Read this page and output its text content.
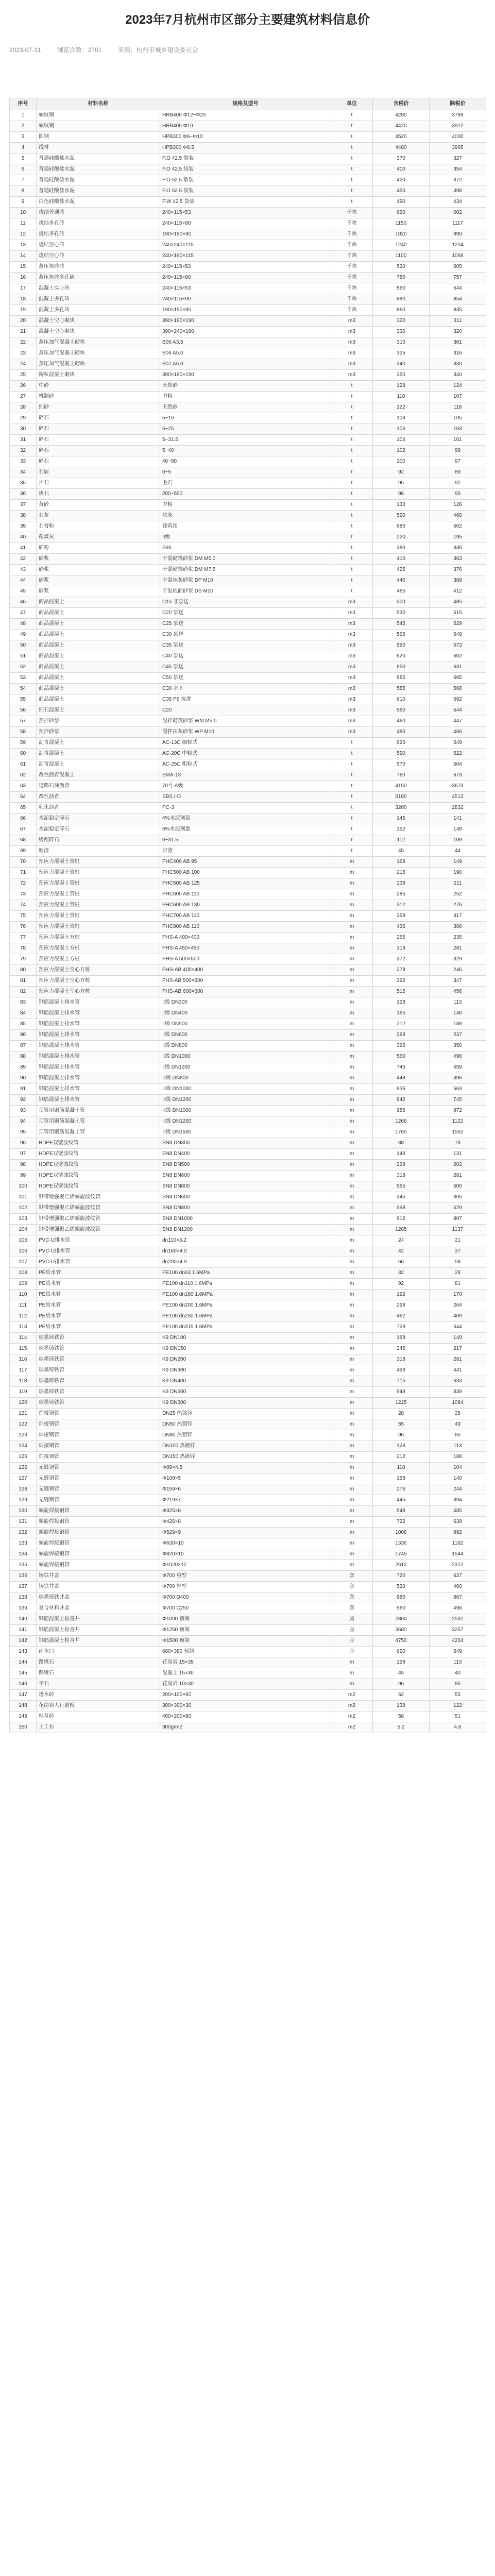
2023年7月杭州市区部分主要建筑材料信息价
2023-07-31	浏览次数：2701	来源：杭州市城乡建设委员会
序号	材料名称	规格及型号	单位	含税价	除税价
1	螺纹钢	HRB400 Φ12~Φ25	t	4280	3788
2	螺纹钢	HRB400 Φ10	t	4420	3912
3	圆钢	HPB300 Φ6~Φ10	t	4520	4000
4	线材	HPB300 Φ6.5	t	4480	3965
5	普通硅酸盐水泥	P.O 42.5 散装	t	370	327
6	普通硅酸盐水泥	P.O 42.5 袋装	t	400	354
7	普通硅酸盐水泥	P.O 52.5 散装	t	420	372
8	普通硅酸盐水泥	P.O 52.5 袋装	t	450	398
9	白色硅酸盐水泥	P.W 42.5 袋装	t	490	434
10	烧结普通砖	240×115×53	千块	620	602
11	烧结多孔砖	240×115×90	千块	1150	1117
12	烧结多孔砖	190×190×90	千块	1020	990
13	烧结空心砖	240×240×115	千块	1240	1204
14	烧结空心砖	240×190×115	千块	1100	1068
15	蒸压灰砂砖	240×115×53	千块	520	505
16	蒸压灰砂多孔砖	240×115×90	千块	780	757
17	混凝土实心砖	240×115×53	千块	560	544
18	混凝土多孔砖	240×115×90	千块	880	854
19	混凝土多孔砖	190×190×90	千块	860	835
20	混凝土空心砌块	390×190×190	m3	320	311
21	混凝土空心砌块	390×240×190	m3	330	320
22	蒸压加气混凝土砌块	B06 A3.5	m3	310	301
23	蒸压加气混凝土砌块	B06 A5.0	m3	325	316
24	蒸压加气混凝土砌块	B07 A5.0	m3	340	330
25	陶粒混凝土砌块	390×190×190	m3	350	340
26	中砂	天然砂	t	128	124
27	机制砂	中粗	t	110	107
28	细砂	天然砂	t	122	118
29	碎石	5~16	t	108	105
30	碎石	5~25	t	106	103
31	碎石	5~31.5	t	104	101
32	碎石	5~40	t	102	99
33	碎石	40~80	t	100	97
34	石屑	0~5	t	92	89
35	片石	毛石	t	95	92
36	块石	200~500	t	98	95
37	黄砂	中粗	t	130	126
38	石灰	块灰	t	520	460
39	石膏粉	建筑用	t	680	602
40	粉煤灰	II级	t	220	195
41	矿粉	S95	t	380	336
42	砂浆	干混砌筑砂浆 DM M5.0	t	410	363
43	砂浆	干混砌筑砂浆 DM M7.5	t	425	376
44	砂浆	干混抹灰砂浆 DP M10	t	440	389
45	砂浆	干混地面砂浆 DS M20	t	465	412
46	商品混凝土	C15 非泵送	m3	500	485
47	商品混凝土	C20 泵送	m3	530	515
48	商品混凝土	C25 泵送	m3	545	529
49	商品混凝土	C30 泵送	m3	565	549
50	商品混凝土	C35 泵送	m3	590	573
51	商品混凝土	C40 泵送	m3	620	602
52	商品混凝土	C45 泵送	m3	650	631
53	商品混凝土	C50 泵送	m3	685	665
54	商品混凝土	C30 水下	m3	585	568
55	商品混凝土	C35 P6 抗渗	m3	610	592
56	细石混凝土	C20	m3	560	544
57	预拌砂浆	湿拌砌筑砂浆 WM M5.0	m3	460	447
58	预拌砂浆	湿拌抹灰砂浆 WP M10	m3	480	466
59	沥青混凝土	AC-13C 细粒式	t	620	549
60	沥青混凝土	AC-20C 中粒式	t	590	522
61	沥青混凝土	AC-25C 粗粒式	t	570	504
62	改性沥青混凝土	SMA-13	t	760	673
63	道路石油沥青	70号 A级	t	4150	3673
64	改性沥青	SBS I-D	t	5100	4513
65	乳化沥青	PC-3	t	3200	2832
66	水泥稳定碎石	4%水泥剂量	t	145	141
67	水泥稳定碎石	5%水泥剂量	t	152	148
68	级配碎石	0~31.5	t	112	109
69	塘渣	宕渣	t	45	44
70	预应力混凝土管桩	PHC400 AB 95	m	168	149
71	预应力混凝土管桩	PHC500 AB 100	m	215	190
72	预应力混凝土管桩	PHC500 AB 125	m	238	211
73	预应力混凝土管桩	PHC600 AB 110	m	285	252
74	预应力混凝土管桩	PHC600 AB 130	m	312	276
75	预应力混凝土管桩	PHC700 AB 110	m	358	317
76	预应力混凝土管桩	PHC800 AB 110	m	436	386
77	预应力混凝土方桩	PHS-A 400×400	m	265	235
78	预应力混凝土方桩	PHS-A 450×450	m	318	281
79	预应力混凝土方桩	PHS-A 500×500	m	372	329
80	预应力混凝土空心方桩	PHS-AB 400×400	m	278	246
81	预应力混凝土空心方桩	PHS-AB 500×500	m	392	347
82	预应力混凝土空心方桩	PHS-AB 600×600	m	515	456
83	钢筋混凝土排水管	Ⅱ级 DN300	m	128	113
84	钢筋混凝土排水管	Ⅱ级 DN400	m	165	146
85	钢筋混凝土排水管	Ⅱ级 DN500	m	212	188
86	钢筋混凝土排水管	Ⅱ级 DN600	m	268	237
87	钢筋混凝土排水管	Ⅱ级 DN800	m	395	350
88	钢筋混凝土排水管	Ⅱ级 DN1000	m	560	496
89	钢筋混凝土排水管	Ⅱ级 DN1200	m	745	659
90	钢筋混凝土排水管	Ⅲ级 DN800	m	448	396
91	钢筋混凝土排水管	Ⅲ级 DN1000	m	636	563
92	钢筋混凝土排水管	Ⅲ级 DN1200	m	842	745
93	顶管用钢筋混凝土管	Ⅲ级 DN1000	m	985	872
94	顶管用钢筋混凝土管	Ⅲ级 DN1200	m	1268	1122
95	顶管用钢筋混凝土管	Ⅲ级 DN1500	m	1765	1562
96	HDPE双壁波纹管	SN8 DN300	m	88	78
97	HDPE双壁波纹管	SN8 DN400	m	148	131
98	HDPE双壁波纹管	SN8 DN500	m	228	202
99	HDPE双壁波纹管	SN8 DN600	m	318	281
100	HDPE双壁波纹管	SN8 DN800	m	565	500
101	钢带增强聚乙烯螺旋波纹管	SN8 DN600	m	345	305
102	钢带增强聚乙烯螺旋波纹管	SN8 DN800	m	598	529
103	钢带增强聚乙烯螺旋波纹管	SN8 DN1000	m	912	807
104	钢带增强聚乙烯螺旋波纹管	SN8 DN1200	m	1285	1137
105	PVC-U排水管	dn110×3.2	m	24	21
106	PVC-U排水管	dn160×4.0	m	42	37
107	PVC-U排水管	dn200×4.9	m	66	58
108	PE给水管	PE100 dn63 1.6MPa	m	32	28
109	PE给水管	PE100 dn110 1.6MPa	m	92	81
110	PE给水管	PE100 dn160 1.6MPa	m	192	170
111	PE给水管	PE100 dn200 1.6MPa	m	298	264
112	PE给水管	PE100 dn250 1.6MPa	m	462	409
113	PE给水管	PE100 dn315 1.6MPa	m	728	644
114	球墨铸铁管	K9 DN100	m	168	149
115	球墨铸铁管	K9 DN150	m	245	217
116	球墨铸铁管	K9 DN200	m	318	281
117	球墨铸铁管	K9 DN300	m	498	441
118	球墨铸铁管	K9 DN400	m	715	633
119	球墨铸铁管	K9 DN500	m	948	839
120	球墨铸铁管	K9 DN600	m	1225	1084
121	焊接钢管	DN25 热镀锌	m	28	25
122	焊接钢管	DN50 热镀锌	m	55	49
123	焊接钢管	DN80 热镀锌	m	96	85
124	焊接钢管	DN100 热镀锌	m	128	113
125	焊接钢管	DN150 热镀锌	m	212	188
126	无缝钢管	Φ89×4.5	m	118	104
127	无缝钢管	Φ108×5	m	158	140
128	无缝钢管	Φ159×6	m	276	244
129	无缝钢管	Φ219×7	m	445	394
130	螺旋焊接钢管	Φ325×8	m	548	485
131	螺旋焊接钢管	Φ426×8	m	722	639
132	螺旋焊接钢管	Φ529×9	m	1008	892
133	螺旋焊接钢管	Φ630×10	m	1336	1182
134	螺旋焊接钢管	Φ820×10	m	1745	1544
135	螺旋焊接钢管	Φ1020×12	m	2612	2312
136	铸铁井盖	Φ700 重型	套	720	637
137	铸铁井盖	Φ700 轻型	套	520	460
138	球墨铸铁井盖	Φ700 D400	套	980	867
139	复合材料井盖	Φ700 C250	套	560	496
140	钢筋混凝土检查井	Φ1000 预制	座	2860	2531
141	钢筋混凝土检查井	Φ1250 预制	座	3680	3257
142	钢筋混凝土检查井	Φ1500 预制	座	4750	4204
143	雨水口	680×380 预制	座	620	549
144	路缘石	花岗岩 15×35	m	128	113
145	路缘石	混凝土 15×30	m	45	40
146	平石	花岗岩 10×30	m	96	85
147	透水砖	200×100×60	m2	62	55
148	花岗岩人行道板	300×300×30	m2	138	122
149	植草砖	400×200×80	m2	58	51
150	土工布	300g/m2	m2	5.2	4.6
